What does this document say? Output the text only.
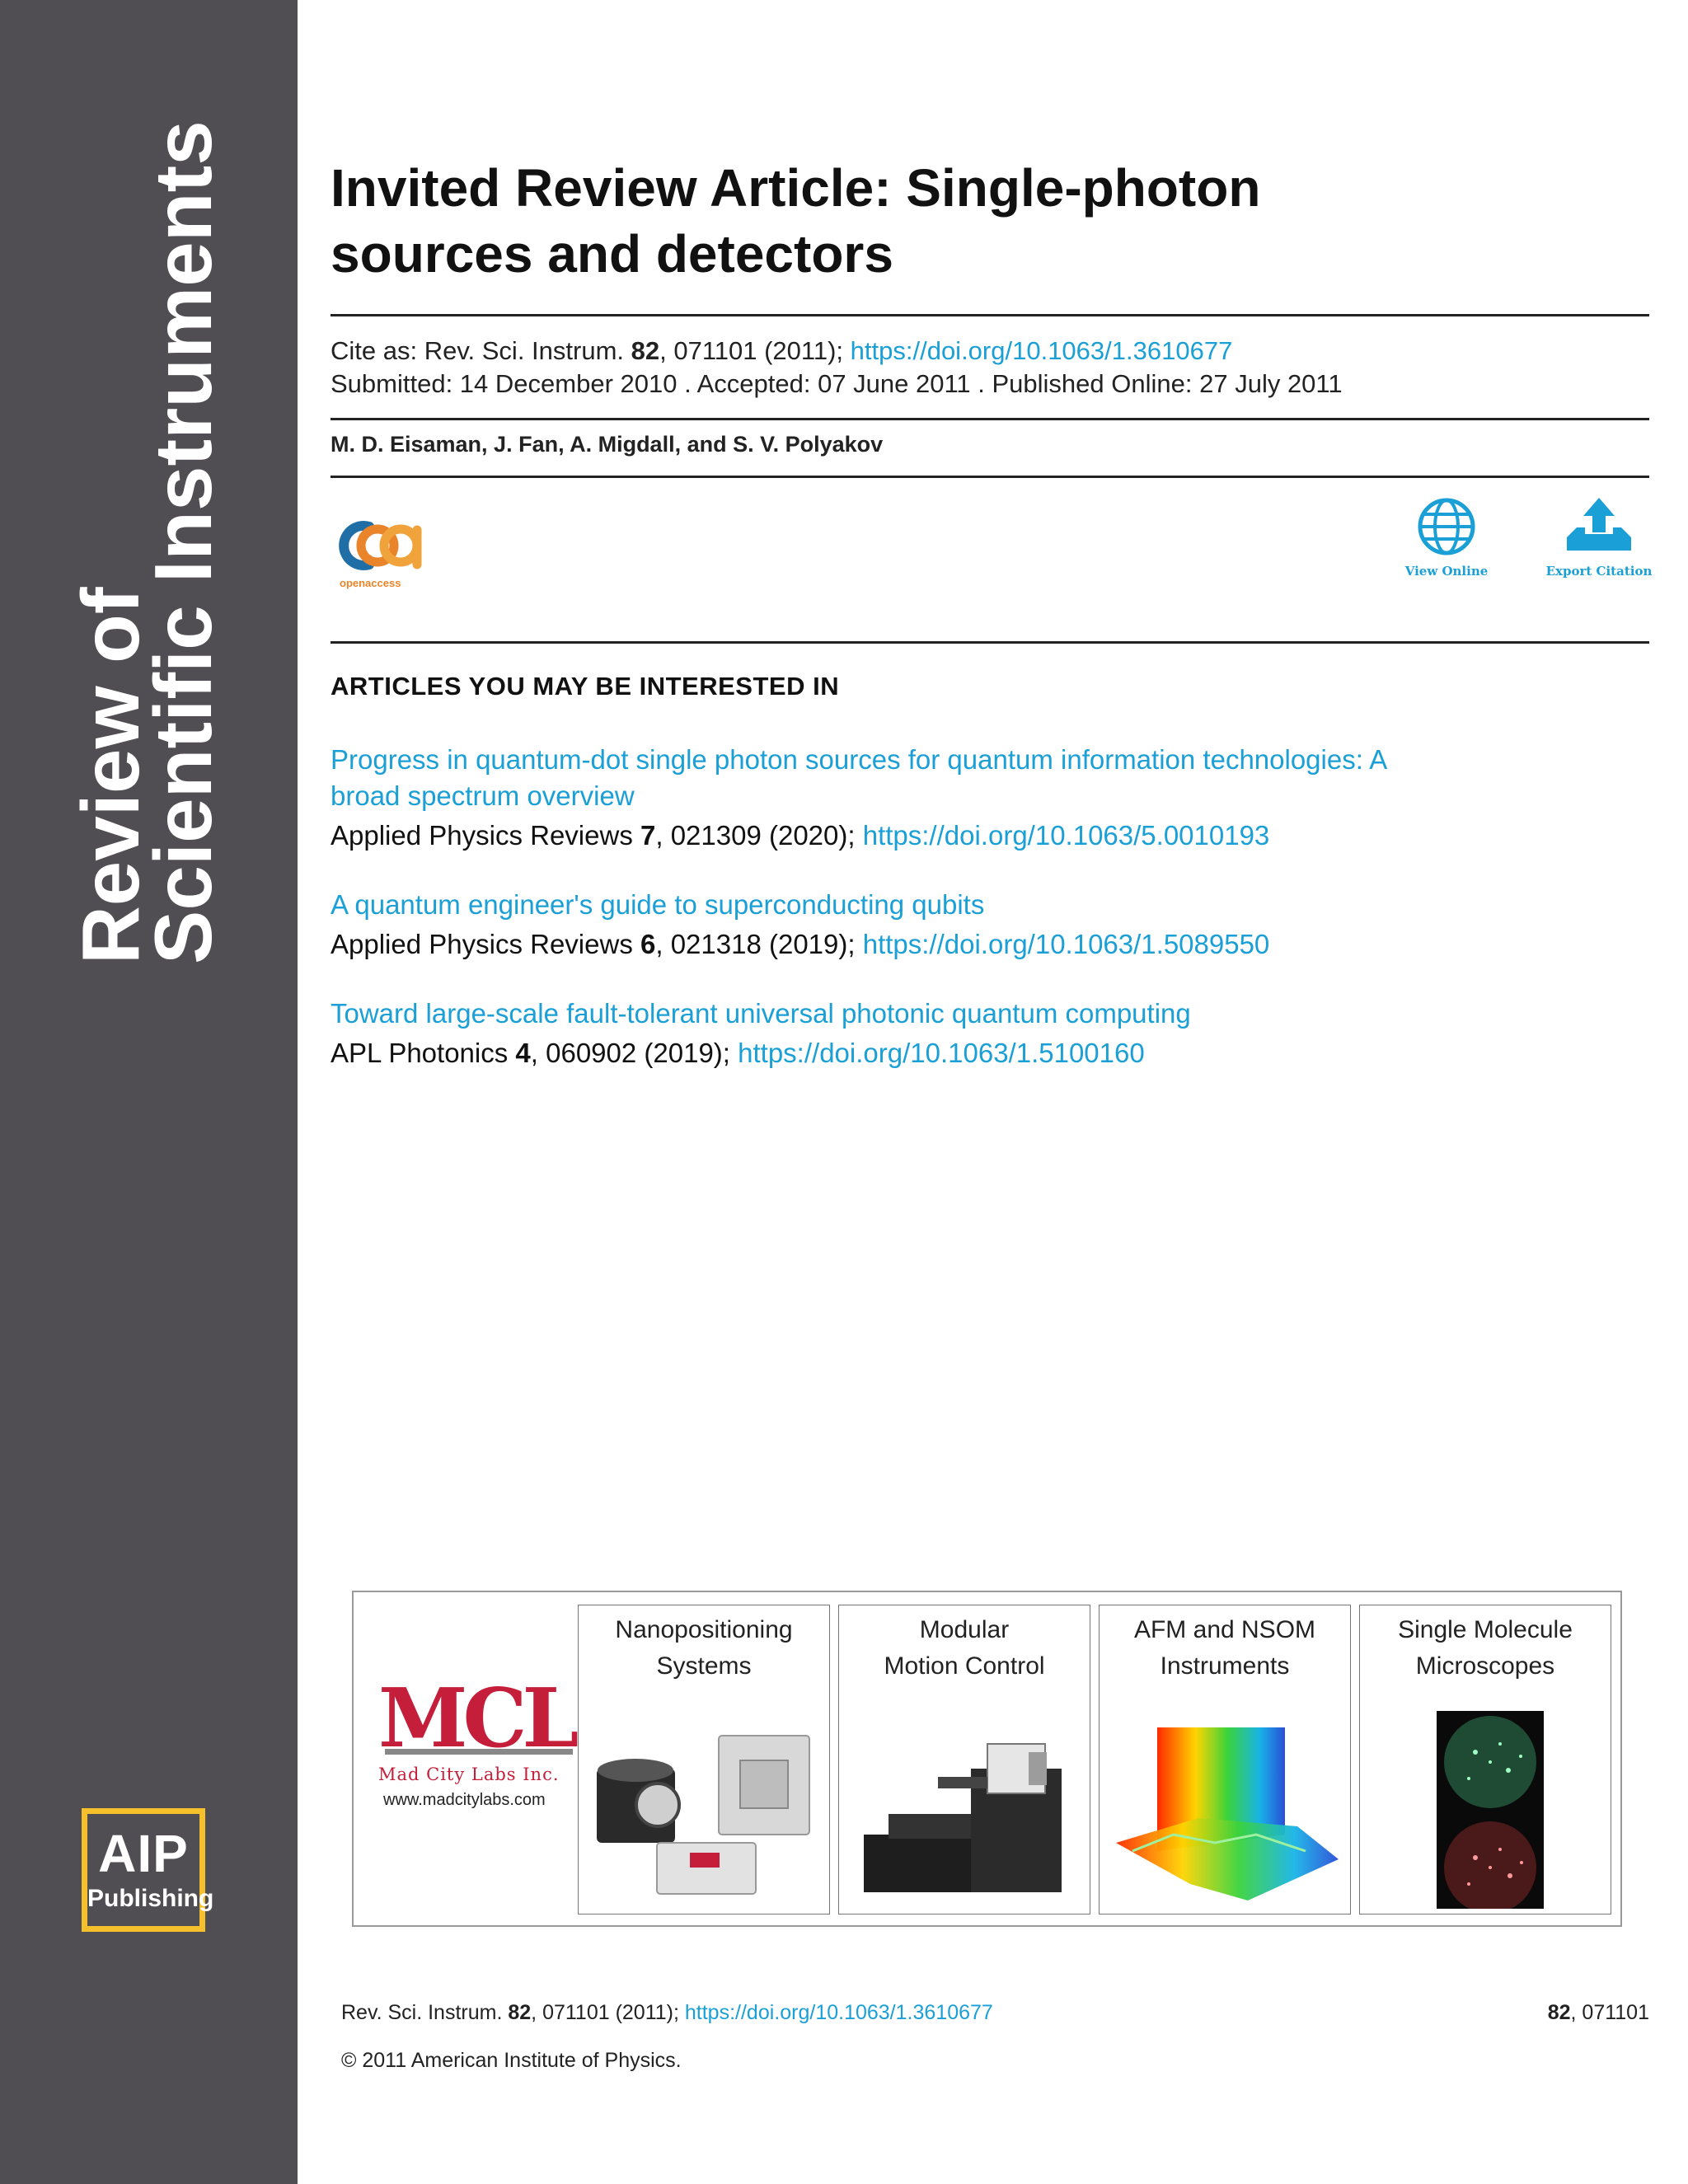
Review of
Scientific Instruments
AIP
Publishing
Invited Review Article: Single-photon
sources and detectors
Cite as: Rev. Sci. Instrum. 82, 071101 (2011); https://doi.org/10.1063/1.3610677
Submitted: 14 December 2010 . Accepted: 07 June 2011 . Published Online: 27 July 2011
M. D. Eisaman, J. Fan, A. Migdall, and S. V. Polyakov
openaccess
View Online	Export Citation
ARTICLES YOU MAY BE INTERESTED IN
Progress in quantum-dot single photon sources for quantum information technologies: A
broad spectrum overview
Applied Physics Reviews 7, 021309 (2020); https://doi.org/10.1063/5.0010193
A quantum engineer's guide to superconducting qubits
Applied Physics Reviews 6, 021318 (2019); https://doi.org/10.1063/1.5089550
Toward large-scale fault-tolerant universal photonic quantum computing
APL Photonics 4, 060902 (2019); https://doi.org/10.1063/1.5100160
MCL
Mad City Labs Inc.
www.madcitylabs.com
Nanopositioning
Systems
Modular
Motion Control
AFM and NSOM
Instruments
Single Molecule
Microscopes
Rev. Sci. Instrum. 82, 071101 (2011); https://doi.org/10.1063/1.3610677	82, 071101
© 2011 American Institute of Physics.
